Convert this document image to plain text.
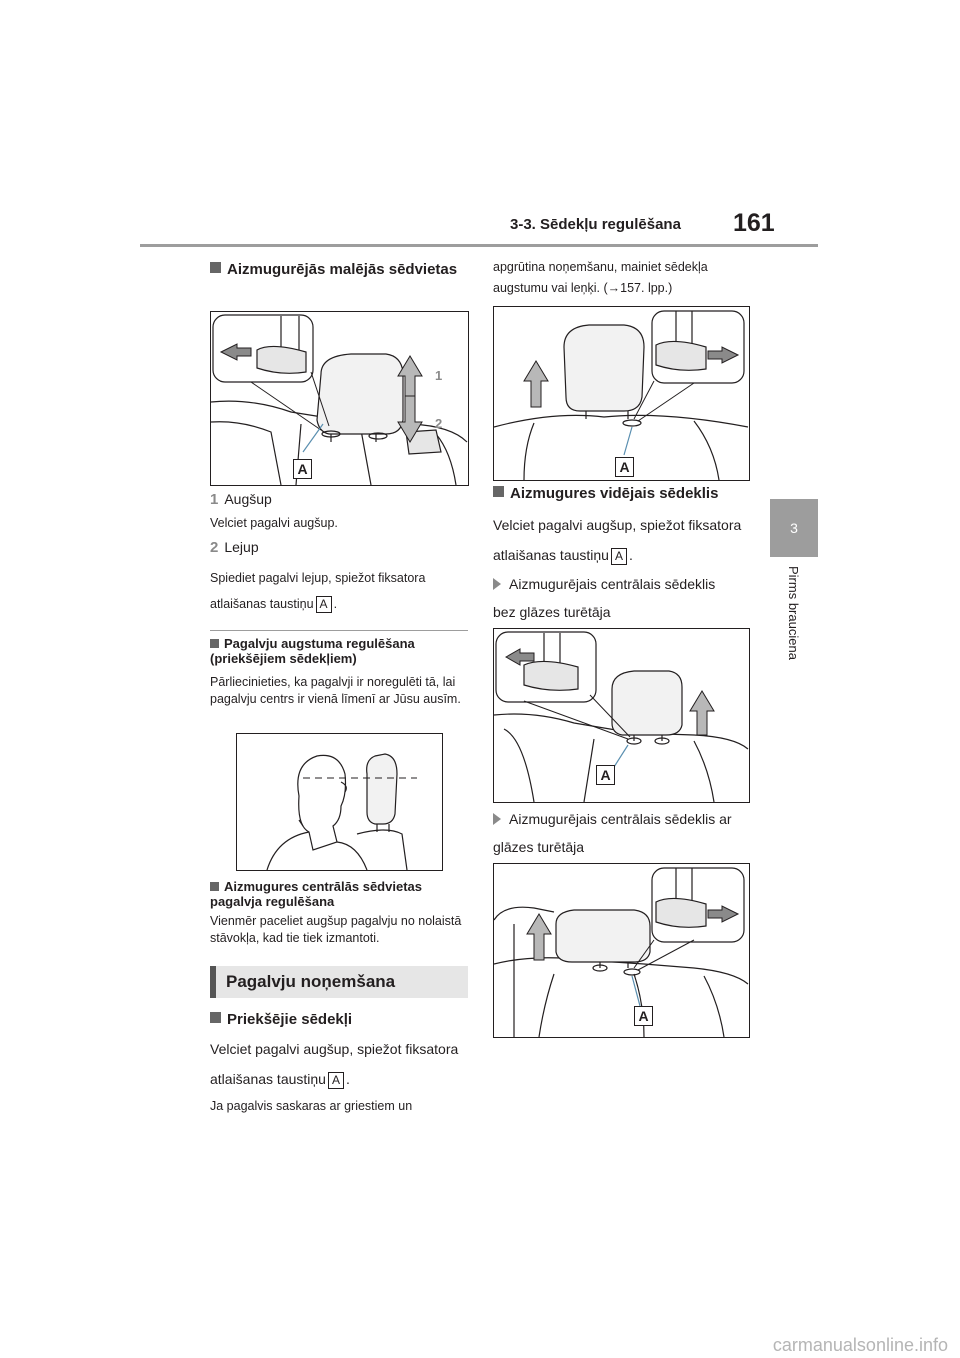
3-3. Sēdekļu regulēšana 161
3
Pirms brauciena
Aizmugurējās malējās sēdvietas
1
2
A
1 Augšup
Velciet pagalvi augšup.
2 Lejup
Spiediet pagalvi lejup, spiežot fiksatora atlaišanas taustiņu A .
Pagalvju augstuma regulēšana (priekšējiem sēdekļiem)
Pārliecinieties, ka pagalvji ir noregulēti tā, lai pagalvju centrs ir vienā līmenī ar Jūsu ausīm.
Aizmugures centrālās sēdvietas pagalvja regulēšana
Vienmēr paceliet augšup pagalvju no nolaistā stāvokļa, kad tie tiek izmantoti.
Pagalvju noņemšana
Priekšējie sēdekļi
Velciet pagalvi augšup, spiežot fiksatora atlaišanas taustiņu A .
Ja pagalvis saskaras ar griestiem un
apgrūtina noņemšanu, mainiet sēdekļa augstumu vai leņķi. (→157. lpp.)
A
Aizmugures vidējais sēdeklis
Velciet pagalvi augšup, spiežot fiksatora atlaišanas taustiņu A .
Aizmugurējais centrālais sēdeklis bez glāzes turētāja
A
Aizmugurējais centrālais sēdeklis ar glāzes turētāja
A
carmanualsonline.info
